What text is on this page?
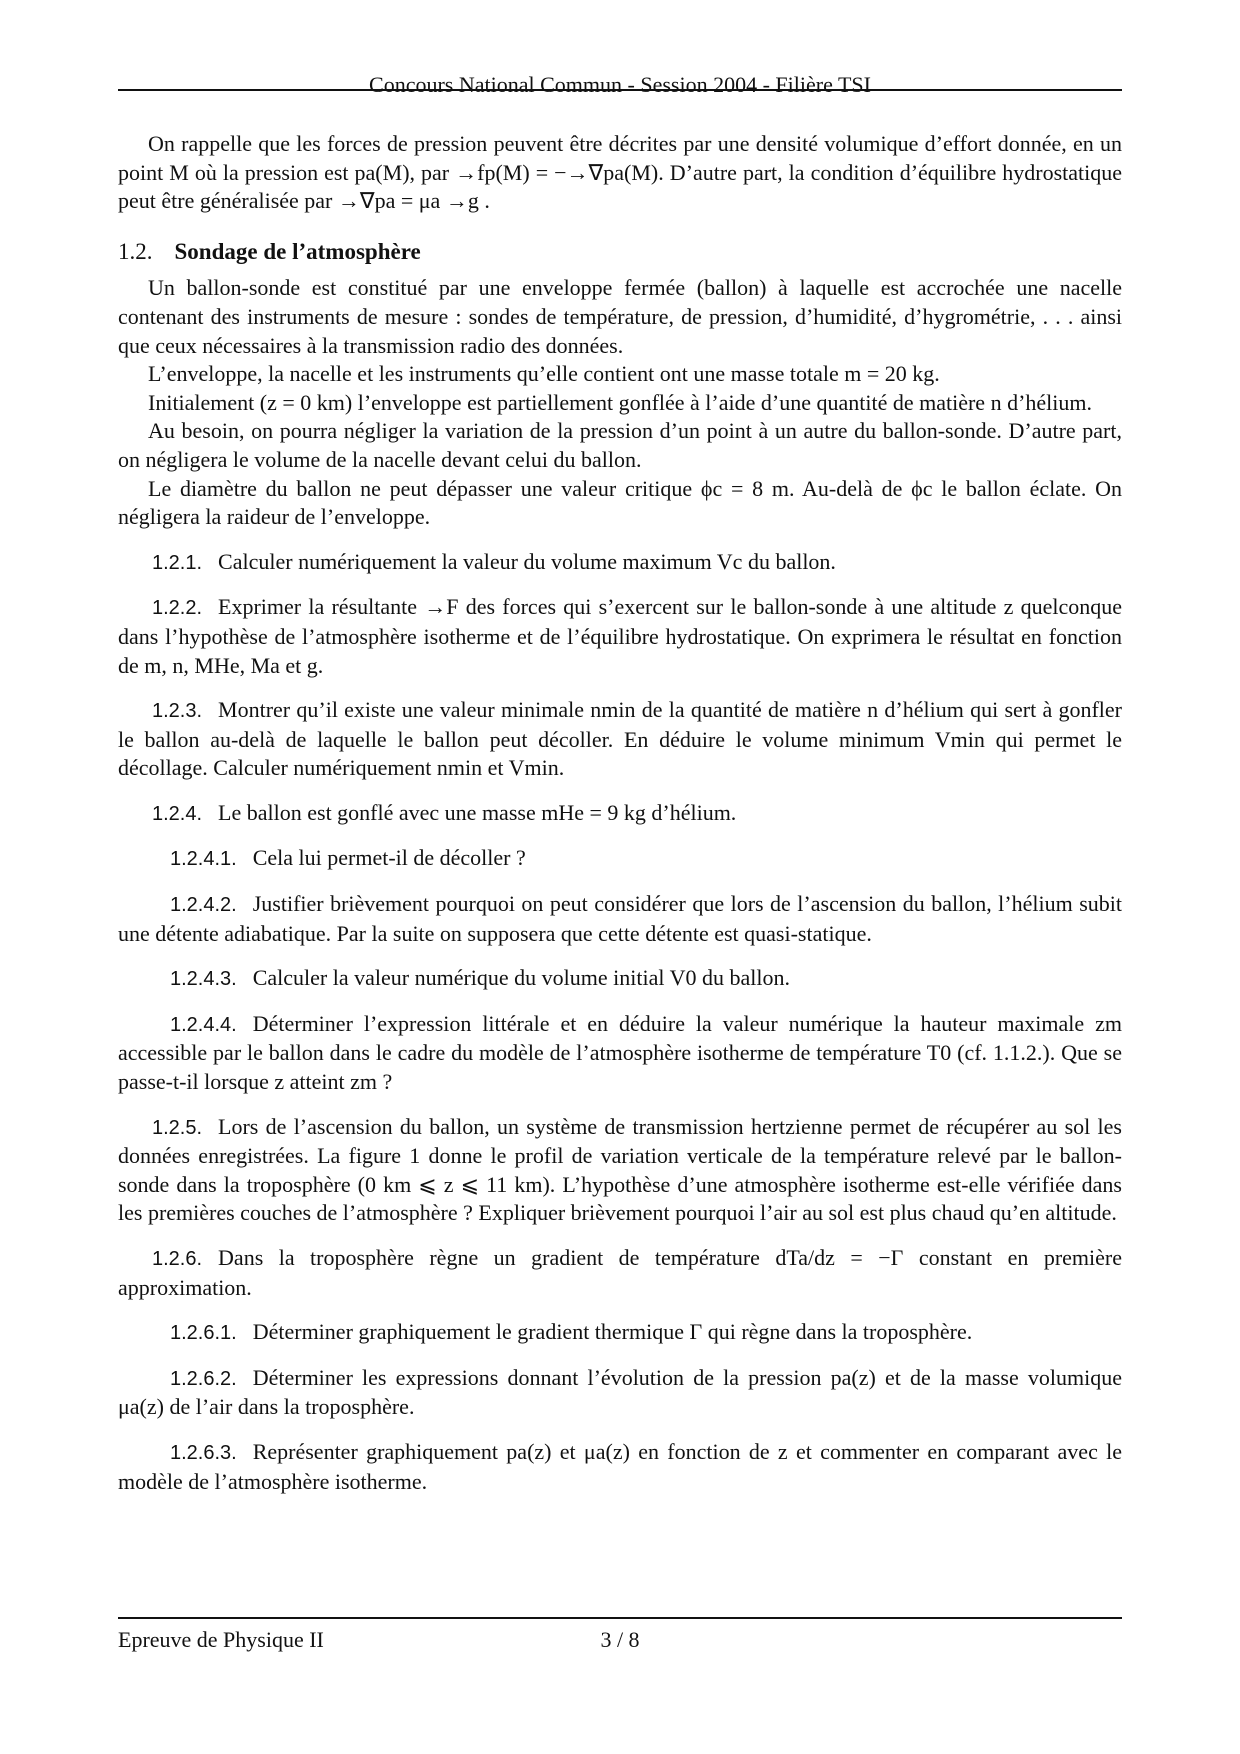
Concours National Commun - Session 2004 - Filière TSI

On rappelle que les forces de pression peuvent être décrites par une densité volumique d’effort donnée, en un point M où la pression est pa(M), par →fp(M) = −→∇pa(M). D’autre part, la condition d’équilibre hydrostatique peut être généralisée par →∇pa = μa →g .

1.2. Sondage de l’atmosphère

Un ballon-sonde est constitué par une enveloppe fermée (ballon) à laquelle est accrochée une nacelle contenant des instruments de mesure : sondes de température, de pression, d’humidité, d’hygrométrie, . . . ainsi que ceux nécessaires à la transmission radio des données.

L’enveloppe, la nacelle et les instruments qu’elle contient ont une masse totale m = 20 kg.

Initialement (z = 0 km) l’enveloppe est partiellement gonflée à l’aide d’une quantité de matière n d’hélium.

Au besoin, on pourra négliger la variation de la pression d’un point à un autre du ballon-sonde. D’autre part, on négligera le volume de la nacelle devant celui du ballon.

Le diamètre du ballon ne peut dépasser une valeur critique ϕc = 8 m. Au-delà de ϕc le ballon éclate. On négligera la raideur de l’enveloppe.

1.2.1. Calculer numériquement la valeur du volume maximum Vc du ballon.

1.2.2. Exprimer la résultante →F des forces qui s’exercent sur le ballon-sonde à une altitude z quelconque dans l’hypothèse de l’atmosphère isotherme et de l’équilibre hydrostatique. On exprimera le résultat en fonction de m, n, MHe, Ma et g.

1.2.3. Montrer qu’il existe une valeur minimale nmin de la quantité de matière n d’hélium qui sert à gonfler le ballon au-delà de laquelle le ballon peut décoller. En déduire le volume minimum Vmin qui permet le décollage. Calculer numériquement nmin et Vmin.

1.2.4. Le ballon est gonflé avec une masse mHe = 9 kg d’hélium.

1.2.4.1. Cela lui permet-il de décoller ?

1.2.4.2. Justifier brièvement pourquoi on peut considérer que lors de l’ascension du ballon, l’hélium subit une détente adiabatique. Par la suite on supposera que cette détente est quasi-statique.

1.2.4.3. Calculer la valeur numérique du volume initial V0 du ballon.

1.2.4.4. Déterminer l’expression littérale et en déduire la valeur numérique la hauteur maximale zm accessible par le ballon dans le cadre du modèle de l’atmosphère isotherme de température T0 (cf. 1.1.2.). Que se passe-t-il lorsque z atteint zm ?

1.2.5. Lors de l’ascension du ballon, un système de transmission hertzienne permet de récupérer au sol les données enregistrées. La figure 1 donne le profil de variation verticale de la température relevé par le ballon-sonde dans la troposphère (0 km ⩽ z ⩽ 11 km). L’hypothèse d’une atmosphère isotherme est-elle vérifiée dans les premières couches de l’atmosphère ? Expliquer brièvement pourquoi l’air au sol est plus chaud qu’en altitude.

1.2.6. Dans la troposphère règne un gradient de température dTa/dz = −Γ constant en première approximation.

1.2.6.1. Déterminer graphiquement le gradient thermique Γ qui règne dans la troposphère.

1.2.6.2. Déterminer les expressions donnant l’évolution de la pression pa(z) et de la masse volumique μa(z) de l’air dans la troposphère.

1.2.6.3. Représenter graphiquement pa(z) et μa(z) en fonction de z et commenter en comparant avec le modèle de l’atmosphère isotherme.

Epreuve de Physique II	3 / 8
